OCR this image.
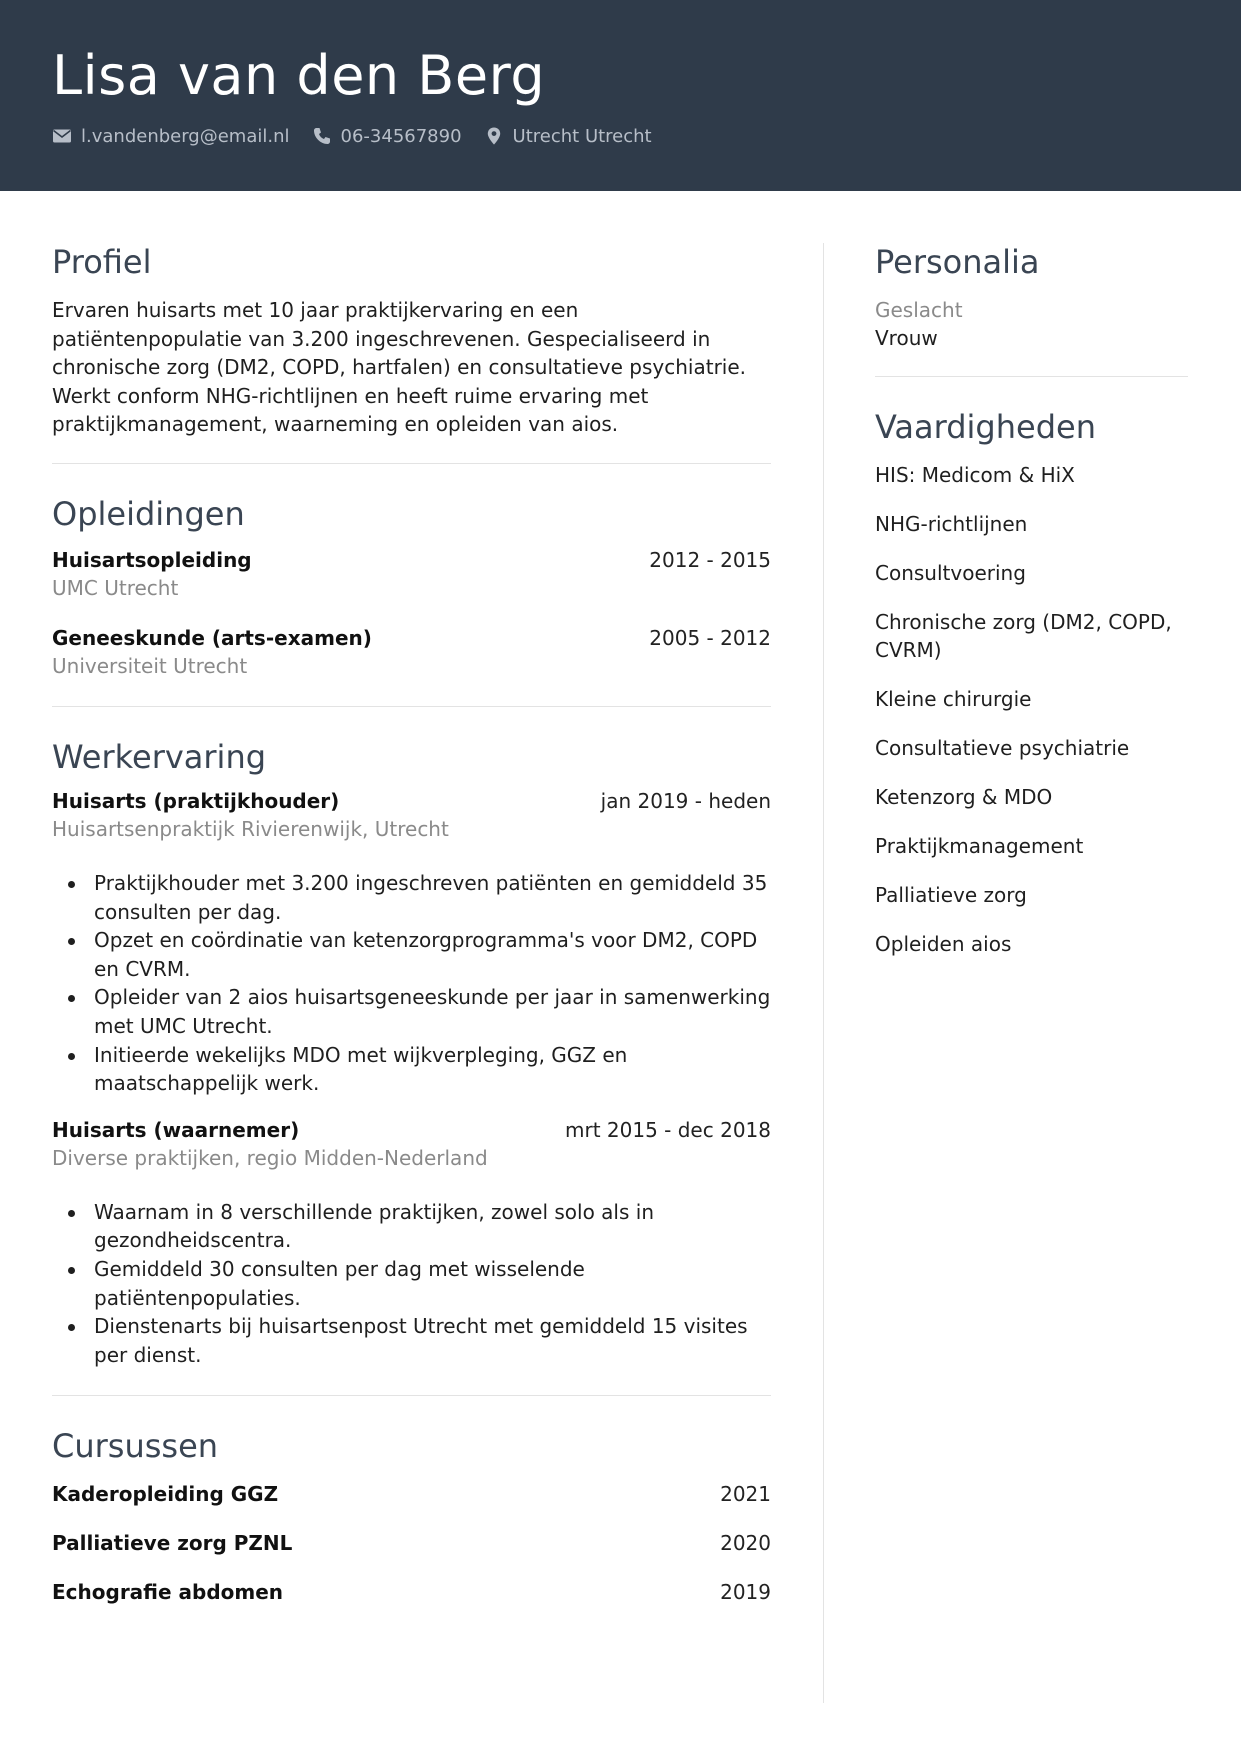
Lisa van den Berg
l.vandenberg@email.nl	06-34567890	Utrecht Utrecht
Profiel

Ervaren huisarts met 10 jaar praktijkervaring en een patiëntenpopulatie van 3.200 ingeschrevenen. Gespecialiseerd in chronische zorg (DM2, COPD, hartfalen) en consultatieve psychiatrie. Werkt conform NHG-richtlijnen en heeft ruime ervaring met praktijkmanagement, waarneming en opleiden van aios.

Opleidingen
Huisartsopleiding	2012 - 2015
UMC Utrecht
Geneeskunde (arts-examen)	2005 - 2012
Universiteit Utrecht
Werkervaring
Huisarts (praktijkhouder)	jan 2019 - heden
Huisartsenpraktijk Rivierenwijk, Utrecht
Praktijkhouder met 3.200 ingeschreven patiënten en gemiddeld 35 consulten per dag.
Opzet en coördinatie van ketenzorgprogramma's voor DM2, COPD en CVRM.
Opleider van 2 aios huisartsgeneeskunde per jaar in samenwerking met UMC Utrecht.
Initieerde wekelijks MDO met wijkverpleging, GGZ en maatschappelijk werk.
Huisarts (waarnemer)	mrt 2015 - dec 2018
Diverse praktijken, regio Midden-Nederland
Waarnam in 8 verschillende praktijken, zowel solo als in gezondheidscentra.
Gemiddeld 30 consulten per dag met wisselende patiëntenpopulaties.
Dienstenarts bij huisartsenpost Utrecht met gemiddeld 15 visites per dienst.
Cursussen
Kaderopleiding GGZ	2021
Palliatieve zorg PZNL	2020
Echografie abdomen	2019
Personalia
Geslacht
Vrouw
Vaardigheden
HIS: Medicom & HiX
NHG-richtlijnen
Consultvoering
Chronische zorg (DM2, COPD, CVRM)
Kleine chirurgie
Consultatieve psychiatrie
Ketenzorg & MDO
Praktijkmanagement
Palliatieve zorg
Opleiden aios
